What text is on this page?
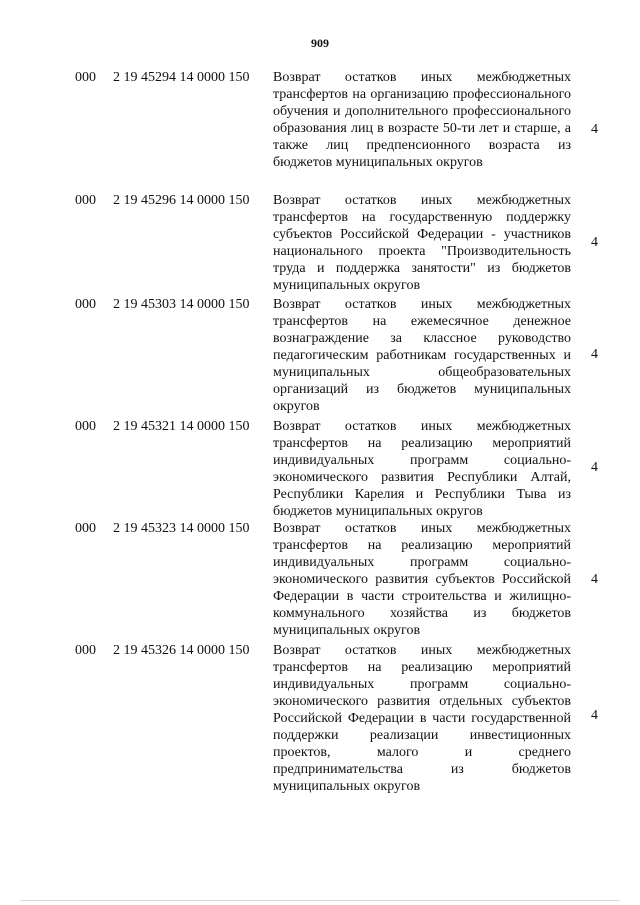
909
000 2 19 45294 14 0000 150 Возврат остатков иных межбюджетных трансфертов на организацию профессионального обучения и дополнительного профессионального образования лиц в возрасте 50-ти лет и старше, а также лиц предпенсионного возраста из бюджетов муниципальных округов
4
000 2 19 45296 14 0000 150 Возврат остатков иных межбюджетных трансфертов на государственную поддержку субъектов Российской Федерации - участников национального проекта "Производительность труда и поддержка занятости" из бюджетов муниципальных округов
4
000 2 19 45303 14 0000 150 Возврат остатков иных межбюджетных трансфертов на ежемесячное денежное вознаграждение за классное руководство педагогическим работникам государственных и муниципальных общеобразовательных организаций из бюджетов муниципальных округов
4
000 2 19 45321 14 0000 150 Возврат остатков иных межбюджетных трансфертов на реализацию мероприятий индивидуальных программ социально-экономического развития Республики Алтай, Республики Карелия и Республики Тыва из бюджетов муниципальных округов
4
000 2 19 45323 14 0000 150 Возврат остатков иных межбюджетных трансфертов на реализацию мероприятий индивидуальных программ социально-экономического развития субъектов Российской Федерации в части строительства и жилищно-коммунального хозяйства из бюджетов муниципальных округов
4
000 2 19 45326 14 0000 150 Возврат остатков иных межбюджетных трансфертов на реализацию мероприятий индивидуальных программ социально-экономического развития отдельных субъектов Российской Федерации в части государственной поддержки реализации инвестиционных проектов, малого и среднего предпринимательства из бюджетов муниципальных округов
4
